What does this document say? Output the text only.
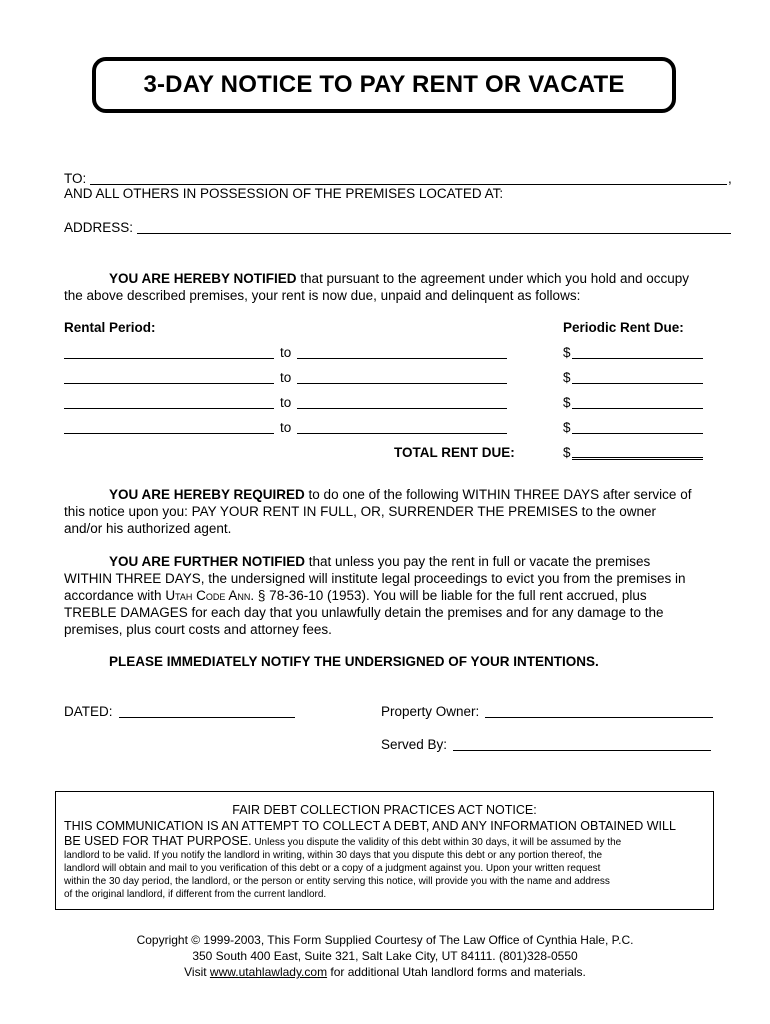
3-DAY NOTICE TO PAY RENT OR VACATE
TO:	,
AND ALL OTHERS IN POSSESSION OF THE PREMISES LOCATED AT:
ADDRESS:
YOU ARE HEREBY NOTIFIED that pursuant to the agreement under which you hold and occupy
the above described premises, your rent is now due, unpaid and delinquent as follows:
Rental Period:	Periodic Rent Due:
to	$
to	$
to	$
to	$
TOTAL RENT DUE:	$
YOU ARE HEREBY REQUIRED to do one of the following WITHIN THREE DAYS after service of
this notice upon you: PAY YOUR RENT IN FULL, OR, SURRENDER THE PREMISES to the owner
and/or his authorized agent.
YOU ARE FURTHER NOTIFIED that unless you pay the rent in full or vacate the premises
WITHIN THREE DAYS, the undersigned will institute legal proceedings to evict you from the premises in
accordance with Utah Code Ann. § 78-36-10 (1953). You will be liable for the full rent accrued, plus
TREBLE DAMAGES for each day that you unlawfully detain the premises and for any damage to the
premises, plus court costs and attorney fees.
PLEASE IMMEDIATELY NOTIFY THE UNDERSIGNED OF YOUR INTENTIONS.
DATED:	Property Owner:
Served By:
FAIR DEBT COLLECTION PRACTICES ACT NOTICE:
THIS COMMUNICATION IS AN ATTEMPT TO COLLECT A DEBT, AND ANY INFORMATION OBTAINED WILL
BE USED FOR THAT PURPOSE. Unless you dispute the validity of this debt within 30 days, it will be assumed by the
landlord to be valid. If you notify the landlord in writing, within 30 days that you dispute this debt or any portion thereof, the
landlord will obtain and mail to you verification of this debt or a copy of a judgment against you. Upon your written request
within the 30 day period, the landlord, or the person or entity serving this notice, will provide you with the name and address
of the original landlord, if different from the current landlord.
Copyright © 1999-2003, This Form Supplied Courtesy of The Law Office of Cynthia Hale, P.C.
350 South 400 East, Suite 321, Salt Lake City, UT 84111. (801)328-0550
Visit www.utahlawlady.com for additional Utah landlord forms and materials.
